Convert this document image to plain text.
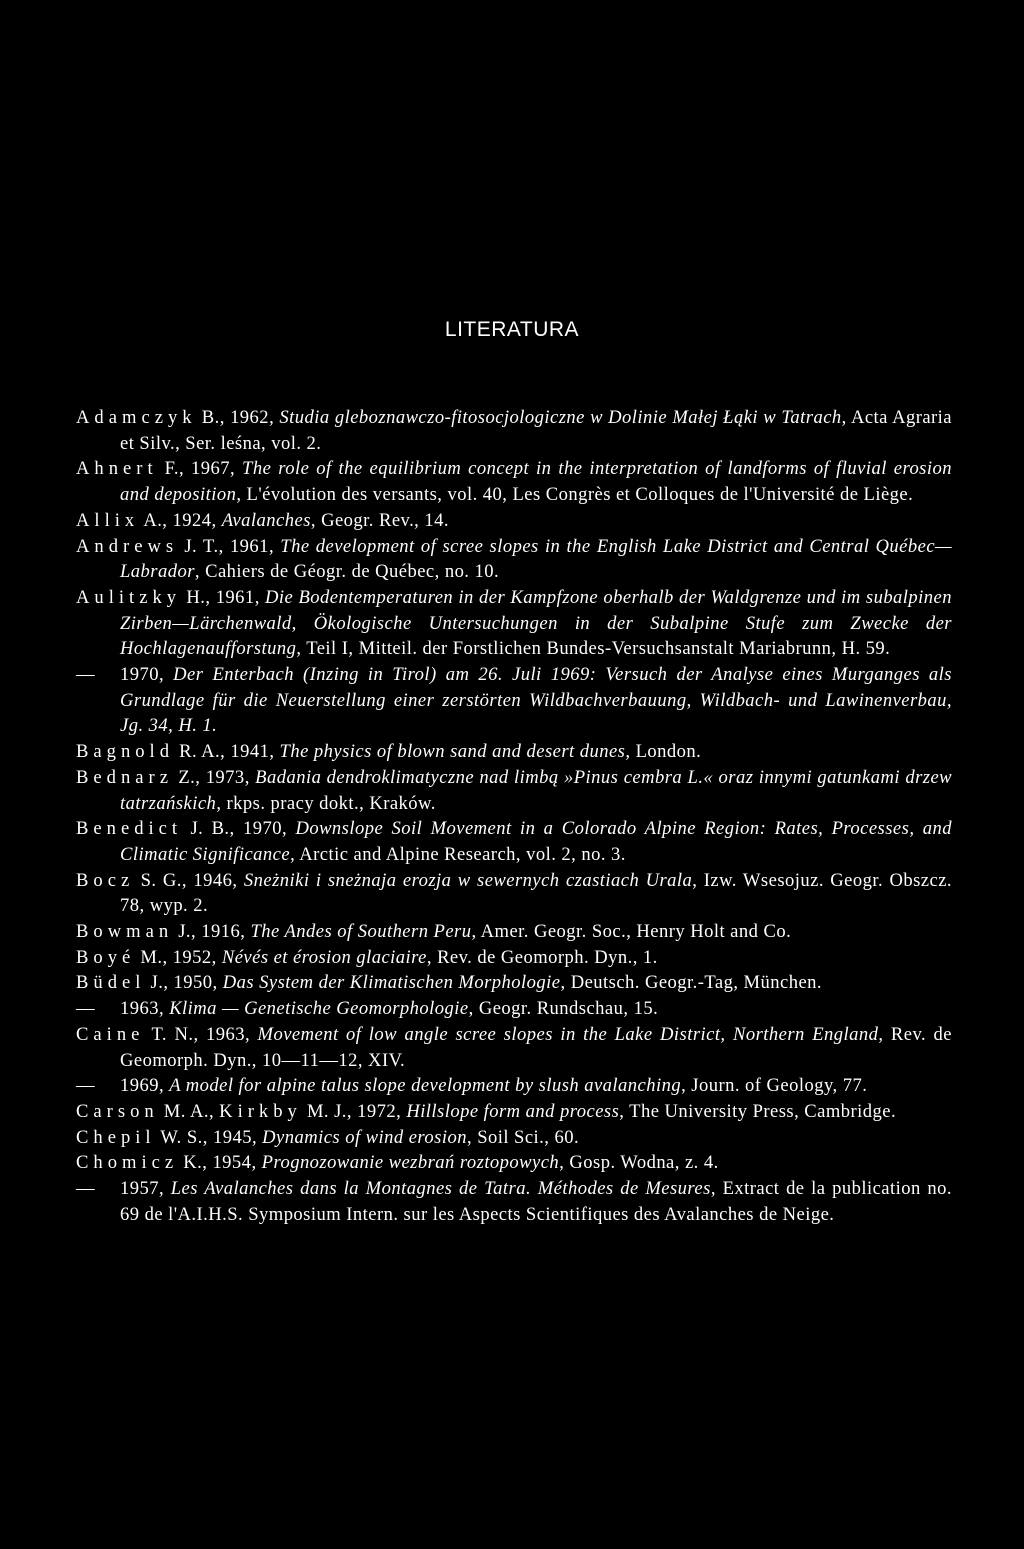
LITERATURA
Adamczyk B., 1962, Studia gleboznawczo-fitosocjologiczne w Dolinie Małej Łąki w Tatrach, Acta Agraria et Silv., Ser. leśna, vol. 2.
Ahnert F., 1967, The role of the equilibrium concept in the interpretation of landforms of fluvial erosion and deposition, L'évolution des versants, vol. 40, Les Congrès et Colloques de l'Université de Liège.
Allix A., 1924, Avalanches, Geogr. Rev., 14.
Andrews J. T., 1961, The development of scree slopes in the English Lake District and Central Québec—Labrador, Cahiers de Géogr. de Québec, no. 10.
Aulitzky H., 1961, Die Bodentemperaturen in der Kampfzone oberhalb der Waldgrenze und im subalpinen Zirben—Lärchenwald, Ökologische Untersuchungen in der Subalpine Stufe zum Zwecke der Hochlagenaufforstung, Teil I, Mitteil. der Forstlichen Bundes-Versuchsanstalt Mariabrunn, H. 59.
— 1970, Der Enterbach (Inzing in Tirol) am 26. Juli 1969: Versuch der Analyse eines Murganges als Grundlage für die Neuerstellung einer zerstörten Wildbachverbauung, Wildbach- und Lawinenverbau, Jg. 34, H. 1.
Bagnold R. A., 1941, The physics of blown sand and desert dunes, London.
Bednarz Z., 1973, Badania dendroklimatyczne nad limbą »Pinus cembra L.« oraz innymi gatunkami drzew tatrzańskich, rkps. pracy dokt., Kraków.
Benedict J. B., 1970, Downslope Soil Movement in a Colorado Alpine Region: Rates, Processes, and Climatic Significance, Arctic and Alpine Research, vol. 2, no. 3.
Bocz S. G., 1946, Sneżniki i sneżnaja erozja w sewernych czastiach Urala, Izw. Wsesojuz. Geogr. Obszcz. 78, wyp. 2.
Bowman J., 1916, The Andes of Southern Peru, Amer. Geogr. Soc., Henry Holt and Co.
Boyé M., 1952, Névés et érosion glaciaire, Rev. de Geomorph. Dyn., 1.
Büdel J., 1950, Das System der Klimatischen Morphologie, Deutsch. Geogr.-Tag, München.
— 1963, Klima — Genetische Geomorphologie, Geogr. Rundschau, 15.
Caine T. N., 1963, Movement of low angle scree slopes in the Lake District, Northern England, Rev. de Geomorph. Dyn., 10—11—12, XIV.
— 1969, A model for alpine talus slope development by slush avalanching, Journ. of Geology, 77.
Carson M. A., Kirkby M. J., 1972, Hillslope form and process, The University Press, Cambridge.
Chepil W. S., 1945, Dynamics of wind erosion, Soil Sci., 60.
Chomicz K., 1954, Prognozowanie wezbrań roztopowych, Gosp. Wodna, z. 4.
— 1957, Les Avalanches dans la Montagnes de Tatra. Méthodes de Mesures, Extract de la publication no. 69 de l'A.I.H.S. Symposium Intern. sur les Aspects Scientifiques des Avalanches de Neige.
